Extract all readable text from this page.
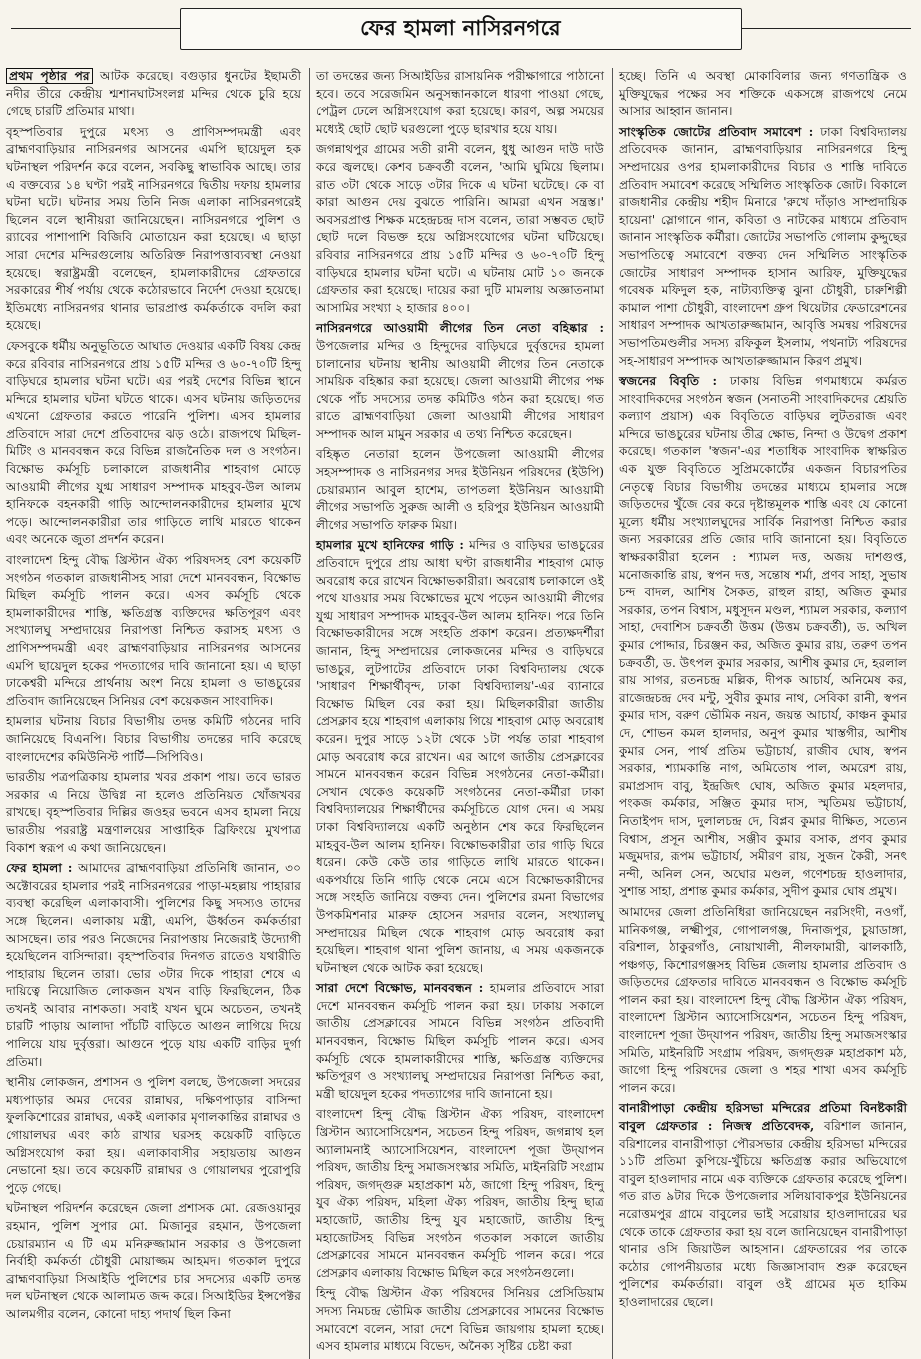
ফের হামলা নাসিরনগরে

প্রথম পৃষ্ঠার পর আটক করেছে। বগুড়ার ধুনটের ইছামতী নদীর তীরে কেন্দ্রীয় শ্মশানঘাটসংলগ্ন মন্দির থেকে চুরি হয়ে গেছে চারটি প্রতিমার মাথা।

বৃহস্পতিবার দুপুরে মৎস্য ও প্রাণিসম্পদমন্ত্রী এবং ব্রাহ্মণবাড়িয়ার নাসিরনগর আসনের এমপি ছায়েদুল হক ঘটনাস্থল পরিদর্শন করে বলেন, সবকিছু স্বাভাবিক আছে। তার এ বক্তব্যের ১৪ ঘণ্টা পরই নাসিরনগরে দ্বিতীয় দফায় হামলার ঘটনা ঘটে। ঘটনার সময় তিনি নিজ এলাকা নাসিরনগরেই ছিলেন বলে স্থানীয়রা জানিয়েছেন। নাসিরনগরে পুলিশ ও র‍্যাবের পাশাপাশি বিজিবি মোতায়েন করা হয়েছে। এ ছাড়া সারা দেশের মন্দিরগুলোয় অতিরিক্ত নিরাপত্তাব্যবস্থা নেওয়া হয়েছে। স্বরাষ্ট্রমন্ত্রী বলেছেন, হামলাকারীদের গ্রেফতারে সরকারের শীর্ষ পর্যায় থেকে কঠোরভাবে নির্দেশ দেওয়া হয়েছে। ইতিমধ্যে নাসিরনগর থানার ভারপ্রাপ্ত কর্মকর্তাকে বদলি করা হয়েছে।

ফেসবুকে ধর্মীয় অনুভূতিতে আঘাত দেওয়ার একটি বিষয় কেন্দ্র করে রবিবার নাসিরনগরে প্রায় ১৫টি মন্দির ও ৬০-৭০টি হিন্দু বাড়িঘরে হামলার ঘটনা ঘটে। এর পরই দেশের বিভিন্ন স্থানে মন্দিরে হামলার ঘটনা ঘটতে থাকে। এসব ঘটনায় জড়িতদের এখনো গ্রেফতার করতে পারেনি পুলিশ। এসব হামলার প্রতিবাদে সারা দেশে প্রতিবাদের ঝড় ওঠে। রাজপথে মিছিল-মিটিং ও মানববন্ধন করে বিভিন্ন রাজনৈতিক দল ও সংগঠন। বিক্ষোভ কর্মসূচি চলাকালে রাজধানীর শাহবাগ মোড়ে আওয়ামী লীগের যুগ্ম সাধারণ সম্পাদক মাহবুব-উল আলম হানিফকে বহনকারী গাড়ি আন্দোলনকারীদের হামলার মুখে পড়ে। আন্দোলনকারীরা তার গাড়িতে লাথি মারতে থাকেন এবং অনেকে জুতা প্রদর্শন করেন।

বাংলাদেশ হিন্দু বৌদ্ধ খ্রিস্টান ঐক্য পরিষদসহ বেশ কয়েকটি সংগঠন গতকাল রাজধানীসহ সারা দেশে মানববন্ধন, বিক্ষোভ মিছিল কর্মসূচি পালন করে। এসব কর্মসূচি থেকে হামলাকারীদের শাস্তি, ক্ষতিগ্রস্ত ব্যক্তিদের ক্ষতিপূরণ এবং সংখ্যালঘু সম্প্রদায়ের নিরাপত্তা নিশ্চিত করাসহ মৎস্য ও প্রাণিসম্পদমন্ত্রী এবং ব্রাহ্মণবাড়িয়ার নাসিরনগর আসনের এমপি ছায়েদুল হকের পদত্যাগের দাবি জানানো হয়। এ ছাড়া ঢাকেশ্বরী মন্দিরে প্রার্থনায় অংশ নিয়ে হামলা ও ভাঙচুরের প্রতিবাদ জানিয়েছেন সিনিয়র বেশ কয়েকজন সাংবাদিক।

হামলার ঘটনায় বিচার বিভাগীয় তদন্ত কমিটি গঠনের দাবি জানিয়েছে বিএনপি। বিচার বিভাগীয় তদন্তের দাবি করেছে বাংলাদেশের কমিউনিস্ট পার্টি—সিপিবিও।

ভারতীয় পত্রপত্রিকায় হামলার খবর প্রকাশ পায়। তবে ভারত সরকার এ নিয়ে উদ্বিগ্ন না হলেও প্রতিনিয়ত খোঁজখবর রাখছে। বৃহস্পতিবার দিল্লির জওহর ভবনে এসব হামলা নিয়ে ভারতীয় পররাষ্ট্র মন্ত্রণালয়ের সাপ্তাহিক ব্রিফিংয়ে মুখপাত্র বিকাশ স্বরূপ এ কথা জানিয়েছেন।

ফের হামলা : আমাদের ব্রাহ্মণবাড়িয়া প্রতিনিধি জানান, ৩০ অক্টোবরের হামলার পরই নাসিরনগরের পাড়া-মহল্লায় পাহারার ব্যবস্থা করেছিল এলাকাবাসী। পুলিশের কিছু সদস্যও তাদের সঙ্গে ছিলেন। এলাকায় মন্ত্রী, এমপি, ঊর্ধ্বতন কর্মকর্তারা আসছেন। তার পরও নিজেদের নিরাপত্তায় নিজেরাই উদ্যোগী হয়েছিলেন বাসিন্দারা। বৃহস্পতিবার দিনগত রাতেও যথারীতি পাহারায় ছিলেন তারা। ভোর ৩টার দিকে পাহারা শেষে এ দায়িত্বে নিয়োজিত লোকজন যখন বাড়ি ফিরছিলেন, ঠিক তখনই আবার নাশকতা। সবাই যখন ঘুমে অচেতন, তখনই চারটি পাড়ায় আলাদা পাঁচটি বাড়িতে আগুন লাগিয়ে দিয়ে পালিয়ে যায় দুর্বৃত্তরা। আগুনে পুড়ে যায় একটি বাড়ির দুর্গা প্রতিমা।

স্থানীয় লোকজন, প্রশাসন ও পুলিশ বলছে, উপজেলা সদরের মধ্যপাড়ার অমর দেবের রান্নাঘর, দক্ষিণপাড়ার বাসিন্দা ফুলকিশোরের রান্নাঘর, একই এলাকার মৃণালকান্তির রান্নাঘর ও গোয়ালঘর এবং কাঠ রাখার ঘরসহ কয়েকটি বাড়িতে অগ্নিসংযোগ করা হয়। এলাকাবাসীর সহায়তায় আগুন নেভানো হয়। তবে কয়েকটি রান্নাঘর ও গোয়ালঘর পুরোপুরি পুড়ে গেছে।

ঘটনাস্থল পরিদর্শন করেছেন জেলা প্রশাসক মো. রেজওয়ানুর রহমান, পুলিশ সুপার মো. মিজানুর রহমান, উপজেলা চেয়ারম্যান এ টি এম মনিরুজ্জামান সরকার ও উপজেলা নির্বাহী কর্মকর্তা চৌধুরী মোয়াজ্জম আহমদ। গতকাল দুপুরে ব্রাহ্মণবাড়িয়া সিআইডি পুলিশের চার সদস্যের একটি তদন্ত দল ঘটনাস্থল থেকে আলামত জব্দ করে। সিআইডির ইন্সপেক্টর আলমগীর বলেন, কোনো দাহ্য পদার্থ ছিল কিনা

তা তদন্তের জন্য সিআইডির রাসায়নিক পরীক্ষাগারে পাঠানো হবে। তবে সরেজমিন অনুসন্ধানকালে ধারণা পাওয়া গেছে, পেট্রল ঢেলে অগ্নিসংযোগ করা হয়েছে। কারণ, অল্প সময়ের মধ্যেই ছোট ছোট ঘরগুলো পুড়ে ছারখার হয়ে যায়।

জগন্নাথপুর গ্রামের সতী রানী বলেন, ধুধু আগুন দাউ দাউ করে জ্বলছে। কেশব চক্রবর্তী বলেন, 'আমি ঘুমিয়ে ছিলাম। রাত ৩টা থেকে সাড়ে ৩টার দিকে এ ঘটনা ঘটেছে। কে বা কারা আগুন দেয় বুঝতে পারিনি। আমরা এখন সন্ত্রস্ত।' অবসরপ্রাপ্ত শিক্ষক মহেন্দ্রচন্দ্র দাস বলেন, তারা সম্ভবত ছোট ছোট দলে বিভক্ত হয়ে অগ্নিসংযোগের ঘটনা ঘটিয়েছে। রবিবার নাসিরনগরে প্রায় ১৫টি মন্দির ও ৬০-৭০টি হিন্দু বাড়িঘরে হামলার ঘটনা ঘটে। এ ঘটনায় মোট ১০ জনকে গ্রেফতার করা হয়েছে। দায়ের করা দুটি মামলায় অজ্ঞাতনামা আসামির সংখ্যা ২ হাজার ৪০০।

নাসিরনগরে আওয়ামী লীগের তিন নেতা বহিষ্কার : উপজেলার মন্দির ও হিন্দুদের বাড়িঘরে দুর্বৃত্তদের হামলা চালানোর ঘটনায় স্থানীয় আওয়ামী লীগের তিন নেতাকে সাময়িক বহিষ্কার করা হয়েছে। জেলা আওয়ামী লীগের পক্ষ থেকে পাঁচ সদস্যের তদন্ত কমিটিও গঠন করা হয়েছে। গত রাতে ব্রাহ্মণবাড়িয়া জেলা আওয়ামী লীগের সাধারণ সম্পাদক আল মামুন সরকার এ তথ্য নিশ্চিত করেছেন।

বহিষ্কৃত নেতারা হলেন উপজেলা আওয়ামী লীগের সহসম্পাদক ও নাসিরনগর সদর ইউনিয়ন পরিষদের (ইউপি) চেয়ারম্যান আবুল হাশেম, তাপতলা ইউনিয়ন আওয়ামী লীগের সভাপতি সুরুজ আলী ও হরিপুর ইউনিয়ন আওয়ামী লীগের সভাপতি ফারুক মিয়া।

হামলার মুখে হানিফের গাড়ি : মন্দির ও বাড়িঘর ভাঙচুরের প্রতিবাদে দুপুরে প্রায় আধা ঘণ্টা রাজধানীর শাহবাগ মোড় অবরোধ করে রাখেন বিক্ষোভকারীরা। অবরোধ চলাকালে ওই পথে যাওয়ার সময় বিক্ষোভের মুখে পড়েন আওয়ামী লীগের যুগ্ম সাধারণ সম্পাদক মাহবুব-উল আলম হানিফ। পরে তিনি বিক্ষোভকারীদের সঙ্গে সংহতি প্রকাশ করেন। প্রত্যক্ষদর্শীরা জানান, হিন্দু সম্প্রদায়ের লোকজনের মন্দির ও বাড়িঘরে ভাঙচুর, লুটপাটের প্রতিবাদে ঢাকা বিশ্ববিদ্যালয় থেকে 'সাধারণ শিক্ষার্থীবৃন্দ, ঢাকা বিশ্ববিদ্যালয়'-এর ব্যানারে বিক্ষোভ মিছিল বের করা হয়। মিছিলকারীরা জাতীয় প্রেসক্লাব হয়ে শাহবাগ এলাকায় গিয়ে শাহবাগ মোড় অবরোধ করেন। দুপুর সাড়ে ১২টা থেকে ১টা পর্যন্ত তারা শাহবাগ মোড় অবরোধ করে রাখেন। এর আগে জাতীয় প্রেসক্লাবের সামনে মানববন্ধন করেন বিভিন্ন সংগঠনের নেতা-কর্মীরা। সেখান থেকেও কয়েকটি সংগঠনের নেতা-কর্মীরা ঢাকা বিশ্ববিদ্যালয়ের শিক্ষার্থীদের কর্মসূচিতে যোগ দেন। এ সময় ঢাকা বিশ্ববিদ্যালয়ে একটি অনুষ্ঠান শেষ করে ফিরছিলেন মাহবুব-উল আলম হানিফ। বিক্ষোভকারীরা তার গাড়ি ঘিরে ধরেন। কেউ কেউ তার গাড়িতে লাথি মারতে থাকেন। একপর্যায়ে তিনি গাড়ি থেকে নেমে এসে বিক্ষোভকারীদের সঙ্গে সংহতি জানিয়ে বক্তব্য দেন। পুলিশের রমনা বিভাগের উপকমিশনার মারুফ হোসেন সরদার বলেন, সংখ্যালঘু সম্প্রদায়ের মিছিল থেকে শাহবাগ মোড় অবরোধ করা হয়েছিল। শাহবাগ থানা পুলিশ জানায়, এ সময় একজনকে ঘটনাস্থল থেকে আটক করা হয়েছে।

সারা দেশে বিক্ষোভ, মানববন্ধন : হামলার প্রতিবাদে সারা দেশে মানববন্ধন কর্মসূচি পালন করা হয়। ঢাকায় সকালে জাতীয় প্রেসক্লাবের সামনে বিভিন্ন সংগঠন প্রতিবাদী মানববন্ধন, বিক্ষোভ মিছিল কর্মসূচি পালন করে। এসব কর্মসূচি থেকে হামলাকারীদের শাস্তি, ক্ষতিগ্রস্ত ব্যক্তিদের ক্ষতিপূরণ ও সংখ্যালঘু সম্প্রদায়ের নিরাপত্তা নিশ্চিত করা, মন্ত্রী ছায়েদুল হকের পদত্যাগের দাবি জানানো হয়।

বাংলাদেশ হিন্দু বৌদ্ধ খ্রিস্টান ঐক্য পরিষদ, বাংলাদেশ খ্রিস্টান অ্যাসোসিয়েশন, সচেতন হিন্দু পরিষদ, জগন্নাথ হল অ্যালামনাই অ্যাসোসিয়েশন, বাংলাদেশ পূজা উদ্‌যাপন পরিষদ, জাতীয় হিন্দু সমাজসংস্কার সমিতি, মাইনরিটি সংগ্রাম পরিষদ, জগদ্গুরু মহাপ্রকাশ মঠ, জাগো হিন্দু পরিষদ, হিন্দু যুব ঐক্য পরিষদ, মহিলা ঐক্য পরিষদ, জাতীয় হিন্দু ছাত্র মহাজোট, জাতীয় হিন্দু যুব মহাজোট, জাতীয় হিন্দু মহাজোটসহ বিভিন্ন সংগঠন গতকাল সকালে জাতীয় প্রেসক্লাবের সামনে মানববন্ধন কর্মসূচি পালন করে। পরে প্রেসক্লাব এলাকায় বিক্ষোভ মিছিল করে সংগঠনগুলো।

হিন্দু বৌদ্ধ খ্রিস্টান ঐক্য পরিষদের সিনিয়র প্রেসিডিয়াম সদস্য নিমচন্দ্র ভৌমিক জাতীয় প্রেসক্লাবের সামনের বিক্ষোভ সমাবেশে বলেন, সারা দেশে বিভিন্ন জায়গায় হামলা হচ্ছে। এসব হামলার মাধ্যমে বিভেদ, অনৈক্য সৃষ্টির চেষ্টা করা

হচ্ছে। তিনি এ অবস্থা মোকাবিলার জন্য গণতান্ত্রিক ও মুক্তিযুদ্ধের পক্ষের সব শক্তিকে একসঙ্গে রাজপথে নেমে আসার আহ্বান জানান।

সাংস্কৃতিক জোটের প্রতিবাদ সমাবেশ : ঢাকা বিশ্ববিদ্যালয় প্রতিবেদক জানান, ব্রাহ্মণবাড়িয়ার নাসিরনগরে হিন্দু সম্প্রদায়ের ওপর হামলাকারীদের বিচার ও শাস্তি দাবিতে প্রতিবাদ সমাবেশ করেছে সম্মিলিত সাংস্কৃতিক জোট। বিকালে রাজধানীর কেন্দ্রীয় শহীদ মিনারে 'রুখে দাঁড়াও সাম্প্রদায়িক হায়েনা' স্লোগানে গান, কবিতা ও নাটকের মাধ্যমে প্রতিবাদ জানান সাংস্কৃতিক কর্মীরা। জোটের সভাপতি গোলাম কুদ্দুছের সভাপতিত্বে সমাবেশে বক্তব্য দেন সম্মিলিত সাংস্কৃতিক জোটের সাধারণ সম্পাদক হাসান আরিফ, মুক্তিযুদ্ধের গবেষক মফিদুল হক, নাট্যব্যক্তিত্ব ঝুনা চৌধুরী, চারুশিল্পী কামাল পাশা চৌধুরী, বাংলাদেশ গ্রুপ থিয়েটার ফেডারেশনের সাধারণ সম্পাদক আখতারুজ্জামান, আবৃত্তি সমন্বয় পরিষদের সভাপতিমণ্ডলীর সদস্য রফিকুল ইসলাম, পথনাট্য পরিষদের সহ-সাধারণ সম্পাদক আখতারুজ্জামান কিরণ প্রমুখ।

স্বজনের বিবৃতি : ঢাকায় বিভিন্ন গণমাধ্যমে কর্মরত সাংবাদিকদের সংগঠন স্বজন (সনাতনী সাংবাদিকদের শ্রেয়তি কল্যাণ প্রয়াস) এক বিবৃতিতে বাড়িঘর লুটতরাজ এবং মন্দিরে ভাঙচুরের ঘটনায় তীব্র ক্ষোভ, নিন্দা ও উদ্বেগ প্রকাশ করেছে। গতকাল 'স্বজন'-এর শতাধিক সাংবাদিক স্বাক্ষরিত এক যুক্ত বিবৃতিতে সুপ্রিমকোর্টের একজন বিচারপতির নেতৃত্বে বিচার বিভাগীয় তদন্তের মাধ্যমে হামলার সঙ্গে জড়িতদের খুঁজে বের করে দৃষ্টান্তমূলক শাস্তি এবং যে কোনো মূল্যে ধর্মীয় সংখ্যালঘুদের সার্বিক নিরাপত্তা নিশ্চিত করার জন্য সরকারের প্রতি জোর দাবি জানানো হয়। বিবৃতিতে স্বাক্ষরকারীরা হলেন : শ্যামল দত্ত, অজয় দাশগুপ্ত, মনোজকান্তি রায়, স্বপন দত্ত, সন্তোষ শর্মা, প্রণব সাহা, সুভাষ চন্দ বাদল, আশিষ সৈকত, রাহুল রাহা, অজিত কুমার সরকার, তপন বিশ্বাস, মধুসূদন মণ্ডল, শ্যামল সরকার, কল্যাণ সাহা, দেবাশিস চক্রবর্তী উত্তম (উত্তম চক্রবর্তী), ড. অখিল কুমার পোদ্দার, চিরঞ্জন কর, অজিত কুমার রায়, তরুণ তপন চক্রবর্তী, ড. উৎপল কুমার সরকার, আশীষ কুমার দে, হরলাল রায় সাগর, রতনচন্দ্র মল্লিক, দীপক আচার্য, অনিমেষ কর, রাজেন্দ্রচন্দ্র দেব মন্টু, সুবীর কুমার নাথ, সেবিকা রানী, স্বপন কুমার দাস, বরুণ ভৌমিক নয়ন, জয়ন্ত আচার্য, কাঞ্চন কুমার দে, শোভন কমল হালদার, অনুপ কুমার খাস্তগীর, আশীষ কুমার সেন, পার্থ প্রতিম ভট্টাচার্য, রাজীব ঘোষ, স্বপন সরকার, শ্যামকান্তি নাগ, অমিতোষ পাল, অমরেশ রায়, রমাপ্রসাদ বাবু, ইন্দ্রজিৎ ঘোষ, অজিত কুমার মহলদার, পংকজ কর্মকার, সঞ্জিত কুমার দাস, স্মৃতিময় ভট্টাচার্য, নিতাইপদ দাস, দুলালচন্দ্র দে, বিপ্লব কুমার দীক্ষিত, সত্যেন বিশ্বাস, প্রসূন আশীষ, সঞ্জীব কুমার বসাক, প্রণব কুমার মজুমদার, রূপম ভট্টাচার্য, সমীরণ রায়, সুজন কৈরী, সনৎ নন্দী, অনিল সেন, অঘোর মণ্ডল, গণেশচন্দ্র হাওলাদার, সুশান্ত সাহা, প্রশান্ত কুমার কর্মকার, সুদীপ কুমার ঘোষ প্রমুখ।

আমাদের জেলা প্রতিনিধিরা জানিয়েছেন নরসিংদী, নওগাঁ, মানিকগঞ্জ, লক্ষ্মীপুর, গোপালগঞ্জ, দিনাজপুর, চুয়াডাঙ্গা, বরিশাল, ঠাকুরগাঁও, নোয়াখালী, নীলফামারী, ঝালকাঠি, পঞ্চগড়, কিশোরগঞ্জসহ বিভিন্ন জেলায় হামলার প্রতিবাদ ও জড়িতদের গ্রেফতার দাবিতে মানববন্ধন ও বিক্ষোভ কর্মসূচি পালন করা হয়। বাংলাদেশ হিন্দু বৌদ্ধ খ্রিস্টান ঐক্য পরিষদ, বাংলাদেশ খ্রিস্টান অ্যাসোসিয়েশন, সচেতন হিন্দু পরিষদ, বাংলাদেশ পূজা উদ্‌যাপন পরিষদ, জাতীয় হিন্দু সমাজসংস্কার সমিতি, মাইনরিটি সংগ্রাম পরিষদ, জগদ্গুরু মহাপ্রকাশ মঠ, জাগো হিন্দু পরিষদের জেলা ও শহর শাখা এসব কর্মসূচি পালন করে।

বানারীপাড়া কেন্দ্রীয় হরিসভা মন্দিরের প্রতিমা বিনষ্টকারী বাবুল গ্রেফতার : নিজস্ব প্রতিবেদক, বরিশাল জানান, বরিশালের বানারীপাড়া পৌরসভার কেন্দ্রীয় হরিসভা মন্দিরের ১১টি প্রতিমা কুপিয়ে-খুঁচিয়ে ক্ষতিগ্রস্ত করার অভিযোগে বাবুল হাওলাদার নামে এক ব্যক্তিকে গ্রেফতার করেছে পুলিশ। গত রাত ৯টার দিকে উপজেলার সলিয়াবাকপুর ইউনিয়নের নরোত্তমপুর গ্রামে বাবুলের ভাই সরোয়ার হাওলাদারের ঘর থেকে তাকে গ্রেফতার করা হয় বলে জানিয়েছেন বানারীপাড়া থানার ওসি জিয়াউল আহসান। গ্রেফতারের পর তাকে কঠোর গোপনীয়তার মধ্যে জিজ্ঞাসাবাদ শুরু করেছেন পুলিশের কর্মকর্তারা। বাবুল ওই গ্রামের মৃত হাকিম হাওলাদারের ছেলে।
